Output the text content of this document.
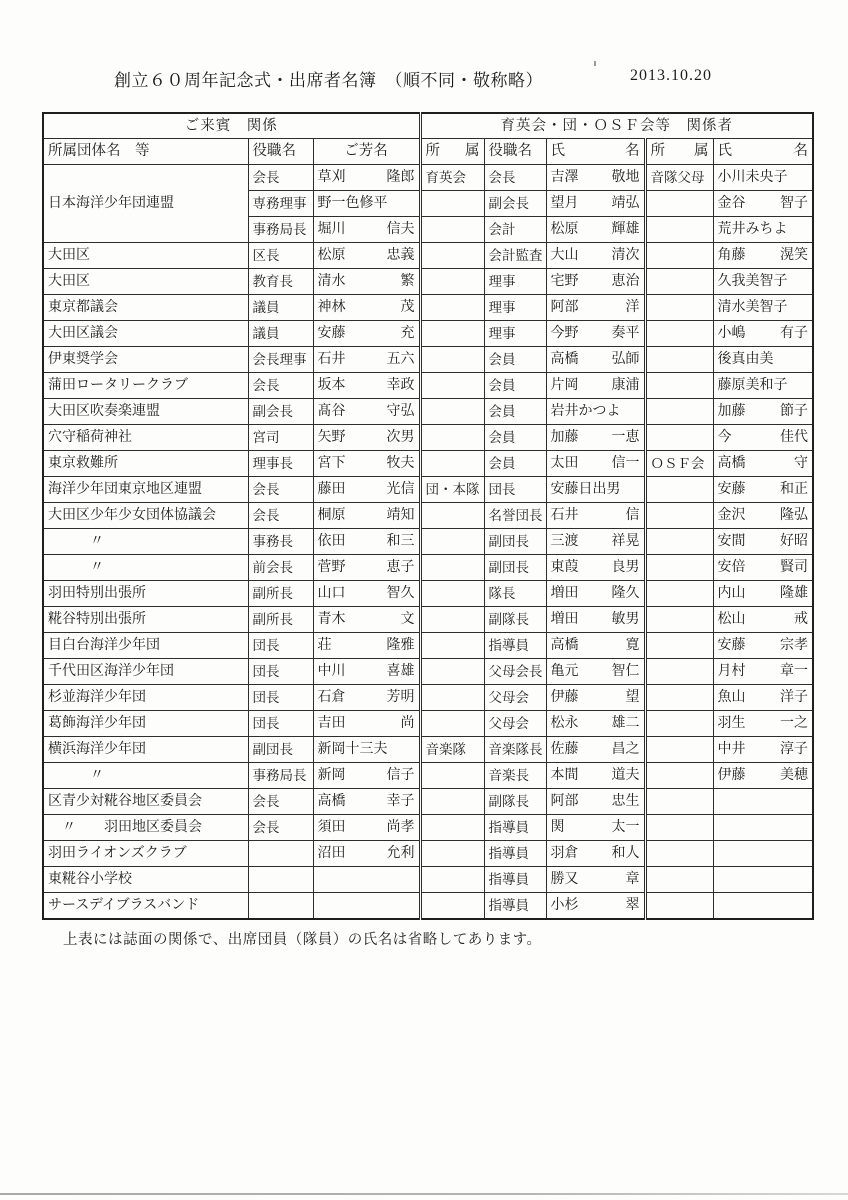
創立６０周年記念式・出席者名簿　（順不同・敬称略）	2013.10.20
ご来賓　関係			育英会・団・ＯＳＦ会等　関係者				
所属団体名　等	役職名	ご芳名	所 属	役職名	氏 名	所 属	氏 名

日本海洋少年団連盟	会長	草刈 隆郎	育英会	会長	吉澤 敬地	音隊父母	小川未央子
	専務理事	野一色修平		副会長	望月 靖弘		金谷 智子

	事務局長	堀川 信夫		会計	松原 輝雄		荒井みちよ
大田区	区長	松原 忠義		会計監査	大山 清次		角藤 滉笑

大田区	教育長	清水 繁		理事	宅野 恵治		久我美智子
東京都議会	議員	神林 茂		理事	阿部 洋		清水美智子
大田区議会	議員	安藤 充		理事	今野 奏平		小嶋 有子

伊東奨学会	会長理事	石井 五六		会員	高橋 弘師		後真由美
蒲田ロータリークラブ	会長	坂本 幸政		会員	片岡 康浦		藤原美和子
大田区吹奏楽連盟	副会長	髙谷 守弘		会員	岩井かつよ		加藤 節子

穴守稲荷神社	宮司	矢野 次男		会員	加藤 一恵		今 佳代

東京救難所	理事長	宮下 牧夫		会員	太田 信一	ＯＳＦ会	高橋 守

海洋少年団東京地区連盟	会長	藤田 光信	団・本隊	団長	安藤日出男		安藤 和正

大田区少年少女団体協議会	会長	桐原 靖知		名誉団長	石井 信		金沢 隆弘

　　　〃	事務長	依田 和三		副団長	三渡 祥晃		安間 好昭

　　　〃	前会長	菅野 恵子		副団長	東葭 良男		安倍 賢司

羽田特別出張所	副所長	山口 智久		隊長	増田 隆久		内山 隆雄

糀谷特別出張所	副所長	青木 文		副隊長	増田 敏男		松山 戒

目白台海洋少年団	団長	荘 隆雅		指導員	高橋 寛		安藤 宗孝

千代田区海洋少年団	団長	中川 喜雄		父母会長	亀元 智仁		月村 章一

杉並海洋少年団	団長	石倉 芳明		父母会	伊藤 望		魚山 洋子

葛飾海洋少年団	団長	吉田 尚		父母会	松永 雄二		羽生 一之

横浜海洋少年団	副団長	新岡十三夫	音楽隊	音楽隊長	佐藤 昌之		中井 淳子

　　　〃	事務局長	新岡 信子		音楽長	本間 道夫		伊藤 美穂

区青少対糀谷地区委員会	会長	高橋 幸子		副隊長	阿部 忠生		

　〃　　羽田地区委員会	会長	須田 尚孝		指導員	関 太一		

羽田ライオンズクラブ		沼田 允利		指導員	羽倉 和人		

東糀谷小学校				指導員	勝又 章		

サースデイブラスバンド				指導員	小杉 翠		

上表には誌面の関係で、出席団員（隊員）の氏名は省略してあります。
